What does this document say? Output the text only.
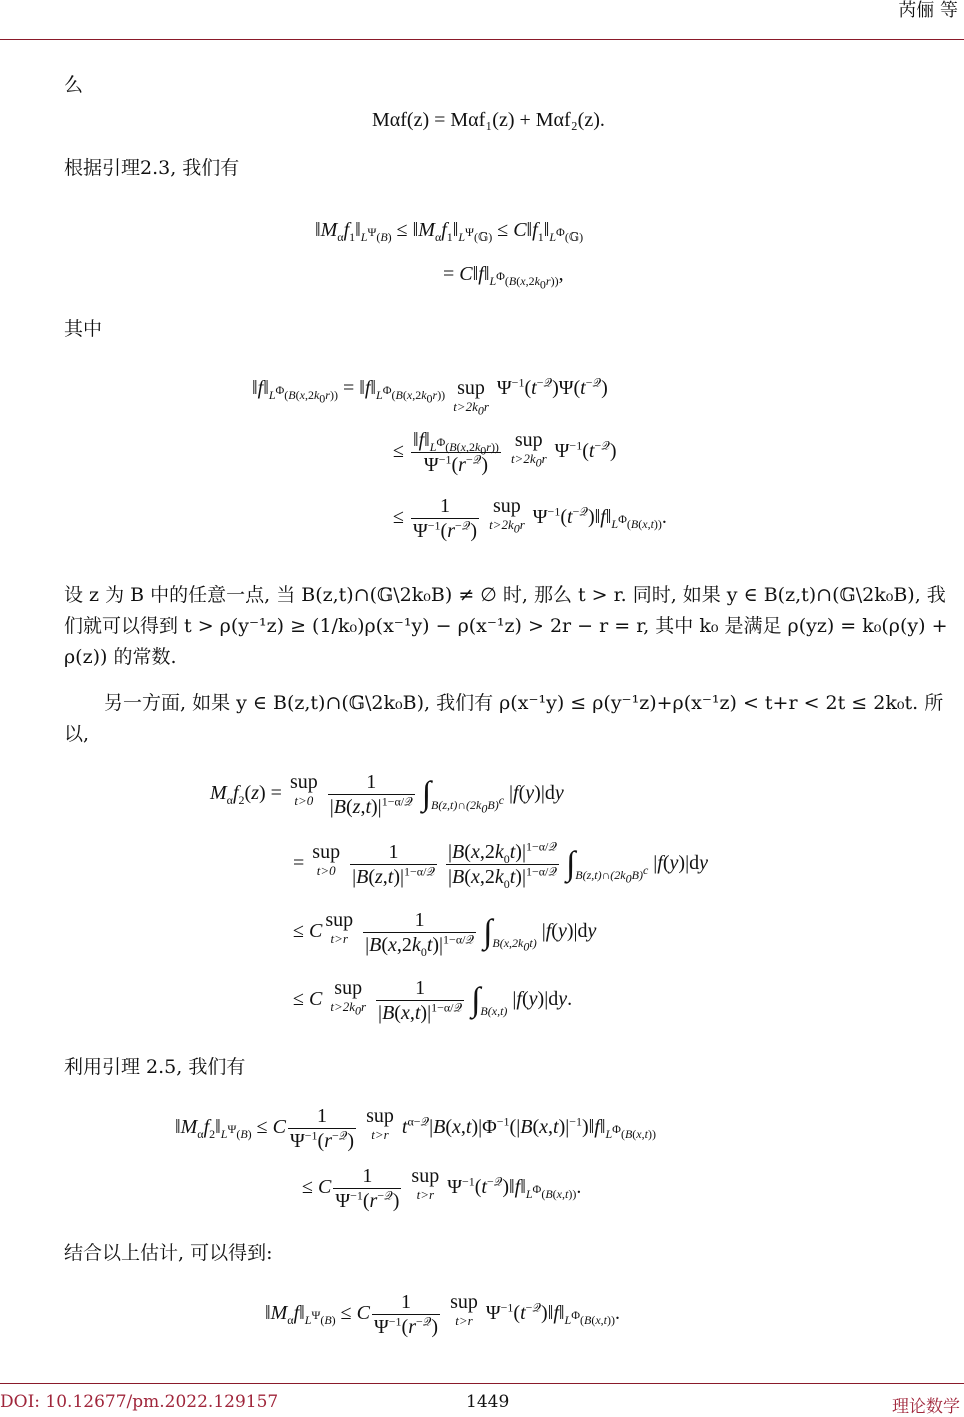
芮俪 等
么
Mαf(z) = Mαf₁(z) + Mαf₂(z).
根据引理2.3, 我们有
$‖M_\alpha f_1‖_{L^\Psi(B)}$ ≤ $‖M_\alpha f_1‖_{L^\Psi(𝔾)}$ ≤ $C‖f_1‖_{L^\Phi(𝔾)}$
= $C‖f‖_{L^\Phi(B(x,2k_0r))}$,
其中
$‖f‖_{L^\Phi(B(x,2k_0r))}$ = $‖f‖_{L^\Phi(B(x,2k_0r))}$ sup
$t>2k_0r$
$\Psi^{-1}(t^{-𝒬})\Psi(t^{-𝒬})$
≤ $\frac{‖f‖_{L^\Phi(B(x,2k_0r))}}{\Psi^{-1}(r^{-𝒬})}$ sup
$t>2k_0r$ $\Psi^{-1}(t^{-𝒬})$
≤ $\frac{1}{\Psi^{-1}(r^{-𝒬})}$ sup
$t>2k_0r$ $\Psi^{-1}(t^{-𝒬})‖f‖_{L^\Phi(B(x,t))}$.
设 z 为 B 中的任意一点, 当 B(z,t)∩(𝔾\2k₀B) ≠ ∅ 时, 那么 t > r. 同时, 如果 y ∈ B(z,t)∩(𝔾\2k₀B), 我们就可以得到 t > ρ(y⁻¹z) ≥ (1/k₀)ρ(x⁻¹y) − ρ(x⁻¹z) > 2r − r = r, 其中 k₀ 是满足 ρ(yz) = k₀(ρ(y) + ρ(z)) 的常数.
另一方面, 如果 y ∈ B(z,t)∩(𝔾\2k₀B), 我们有 ρ(x⁻¹y) ≤ ρ(y⁻¹z)+ρ(x⁻¹z) < t+r < 2t ≤ 2k₀t. 所以,
$M_\alpha f_2(z)$ = sup
t>0
$\frac{1}{|B(z,t)|^{1-\alpha/𝒬}} \int_{B(z,t)\cap(2k_0B)^c}$ |f(y)|dy
= sup
t>0
$\frac{1}{|B(z,t)|^{1-\alpha/𝒬}}$
$\frac{|B(x,2k_0t)|^{1-\alpha/𝒬}}{|B(x,2k_0t)|^{1-\alpha/𝒬}} \int_{B(z,t)\cap(2k_0B)^c}$ |f(y)|dy
≤ Csup
t>r
$\frac{1}{|B(x,2k_0t)|^{1-\alpha/𝒬}} \int_{B(x,2k_0t)}$ |f(y)|dy
≤ C sup
$t>2k_0r$
$\frac{1}{|B(x,t)|^{1-\alpha/𝒬}} \int_{B(x,t)}$ |f(y)|dy.
利用引理 2.5, 我们有
$‖M_\alpha f_2‖_{L^\Psi(B)} \le C \frac{1}{\Psi^{-1}(r^{-𝒬})}$ sup
t>r $t^{\alpha-𝒬}|B(x,t)|\Phi^{-1}(|B(x,t)|^{-1})‖f‖_{L^\Phi(B(x,t))}$
≤ C $\frac{1}{\Psi^{-1}(r^{-𝒬})}$ sup
t>r $\Psi^{-1}(t^{-𝒬})‖f‖_{L^\Phi(B(x,t))}$.
结合以上估计, 可以得到:
$‖M_\alpha f‖_{L^\Psi(B)} \le C \frac{1}{\Psi^{-1}(r^{-𝒬})}$ sup
t>r $\Psi^{-1}(t^{-𝒬})‖f‖_{L^\Phi(B(x,t))}$.
DOI: 10.12677/pm.2022.129157	1449	理论数学
